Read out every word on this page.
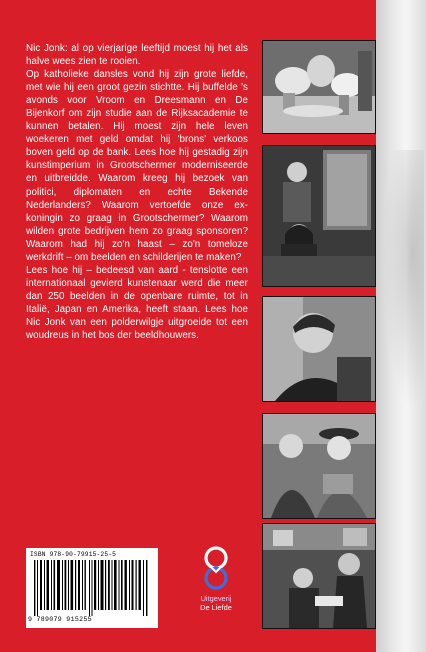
Nic Jonk: al op vierjarige leeftijd moest hij het als halve wees zien te rooien.

Op katholieke dansles vond hij zijn grote liefde, met wie hij een groot gezin stichtte. Hij buffelde 's avonds voor Vroom en Dreesmann en De Bijenkorf om zijn studie aan de Rijksacademie te kunnen betalen. Hij moest zijn hele leven woekeren met geld omdat hij 'brons' verkoos boven geld op de bank. Lees hoe hij gestadig zijn kunstimperium in Grootschermer moderniseerde en uitbreidde. Waarom kreeg hij bezoek van politici, diplomaten en echte Bekende Nederlanders? Waarom vertoefde onze ex-koningin zo graag in Grootschermer? Waarom wilden grote bedrijven hem zo graag sponsoren? Waarom had hij zo'n haast – zo'n tomeloze werkdrift – om beelden en schilderijen te maken?

Lees hoe hij – bedeesd van aard - tenslotte een internationaal gevierd kunstenaar werd die meer dan 250 beelden in de openbare ruimte, tot in Italië, Japan en Amerika, heeft staan. Lees hoe Nic Jonk van een polderwilgje uitgroeide tot een woudreus in het bos der beeldhouwers.

ISBN 978-90-79915-25-5
9 789079 915255
Uitgeverij
De Liefde
